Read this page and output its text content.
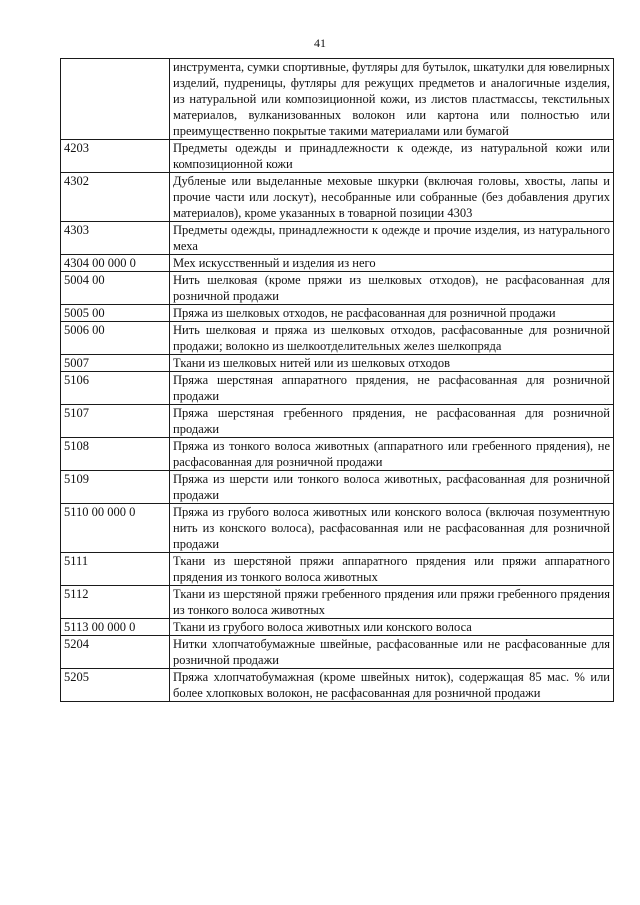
41
	инструмента, сумки спортивные, футляры для бутылок, шкатулки для ювелирных изделий, пудреницы, футляры для режущих предметов и аналогичные изделия, из натуральной или композиционной кожи, из листов пластмассы, текстильных материалов, вулканизованных волокон или картона или полностью или преимущественно покрытые такими материалами или бумагой
4203	Предметы одежды и принадлежности к одежде, из натуральной кожи или композиционной кожи
4302	Дубленые или выделанные меховые шкурки (включая головы, хвосты, лапы и прочие части или лоскут), несобранные или собранные (без добавления других материалов), кроме указанных в товарной позиции 4303
4303	Предметы одежды, принадлежности к одежде и прочие изделия, из натурального меха
4304 00 000 0	Мех искусственный и изделия из него
5004 00	Нить шелковая (кроме пряжи из шелковых отходов), не расфасованная для розничной продажи
5005 00	Пряжа из шелковых отходов, не расфасованная для розничной продажи
5006 00	Нить шелковая и пряжа из шелковых отходов, расфасованные для розничной продажи; волокно из шелкоотделительных желез шелкопряда
5007	Ткани из шелковых нитей или из шелковых отходов
5106	Пряжа шерстяная аппаратного прядения, не расфасованная для розничной продажи
5107	Пряжа шерстяная гребенного прядения, не расфасованная для розничной продажи
5108	Пряжа из тонкого волоса животных (аппаратного или гребенного прядения), не расфасованная для розничной продажи
5109	Пряжа из шерсти или тонкого волоса животных, расфасованная для розничной продажи
5110 00 000 0	Пряжа из грубого волоса животных или конского волоса (включая позументную нить из конского волоса), расфасованная или не расфасованная для розничной продажи
5111	Ткани из шерстяной пряжи аппаратного прядения или пряжи аппаратного прядения из тонкого волоса животных
5112	Ткани из шерстяной пряжи гребенного прядения или пряжи гребенного прядения из тонкого волоса животных
5113 00 000 0	Ткани из грубого волоса животных или конского волоса
5204	Нитки хлопчатобумажные швейные, расфасованные или не расфасованные для розничной продажи
5205	Пряжа хлопчатобумажная (кроме швейных ниток), содержащая 85 мас. % или более хлопковых волокон, не расфасованная для розничной продажи
